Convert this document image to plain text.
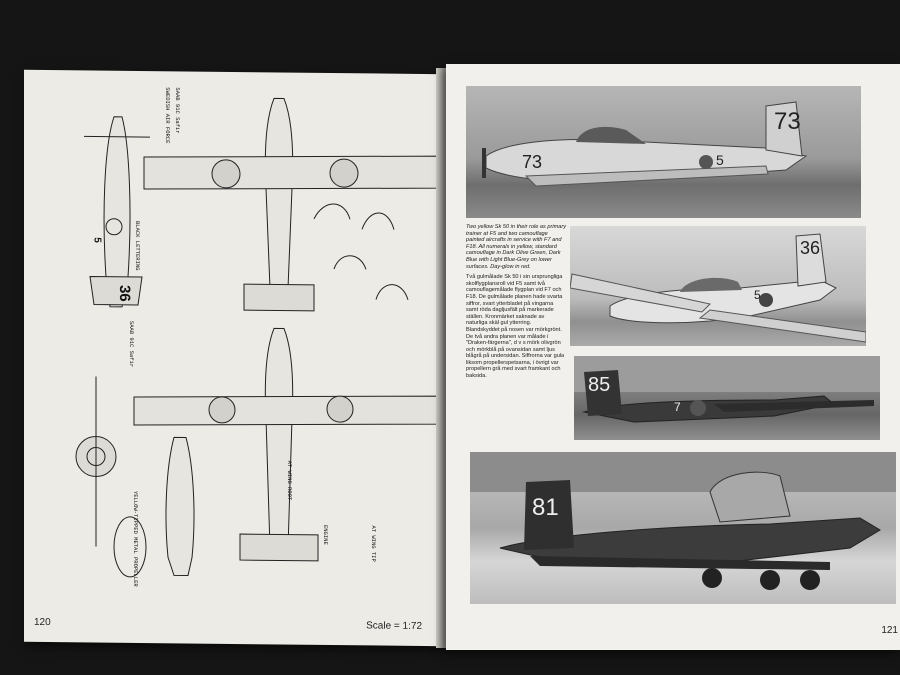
SAAB 91C Safir
SWEDISH AIR FORCE
BLACK LETTERING
SAAB 91C Safir
YELLOW-TIPPED METAL PROPELLER
AT WING ROOT
AT WING TIP
ENGINE
36
5
120	Scale = 1:72
73
73	5

Two yellow Sk 50 in their role as primary trainer at F5 and two camouflage painted aircrafts in service with F7 and F18. All numerals in yellow, standard camouflage in Dark Olive Green, Dark Blue with Light Blue-Grey on lower surfaces. Day-glow in red.

Två gulmålade Sk 50 i sin ursprungliga skolflygplansroll vid F5 samt två camouflagemålade flygplan vid F7 och F18. De gulmålade planen hade svarta siffror, svart ytterbladet på vingarna samt röda dagljusfält på markerade ställen. Kronmärket saknade av naturliga skäl gul ytterring. Blandskyddet på nosen var mörkgrönt. De två andra planen var målade i "Draken-färgerna", d v s mörk olivgrön och mörkblå på ovansidan samt ljus blågrå på undersidan. Siffrorna var gula liksom propellerspetsarna, i övrigt var propellern grå med svart framkant och baksida.

36
5
85
7
81
121
